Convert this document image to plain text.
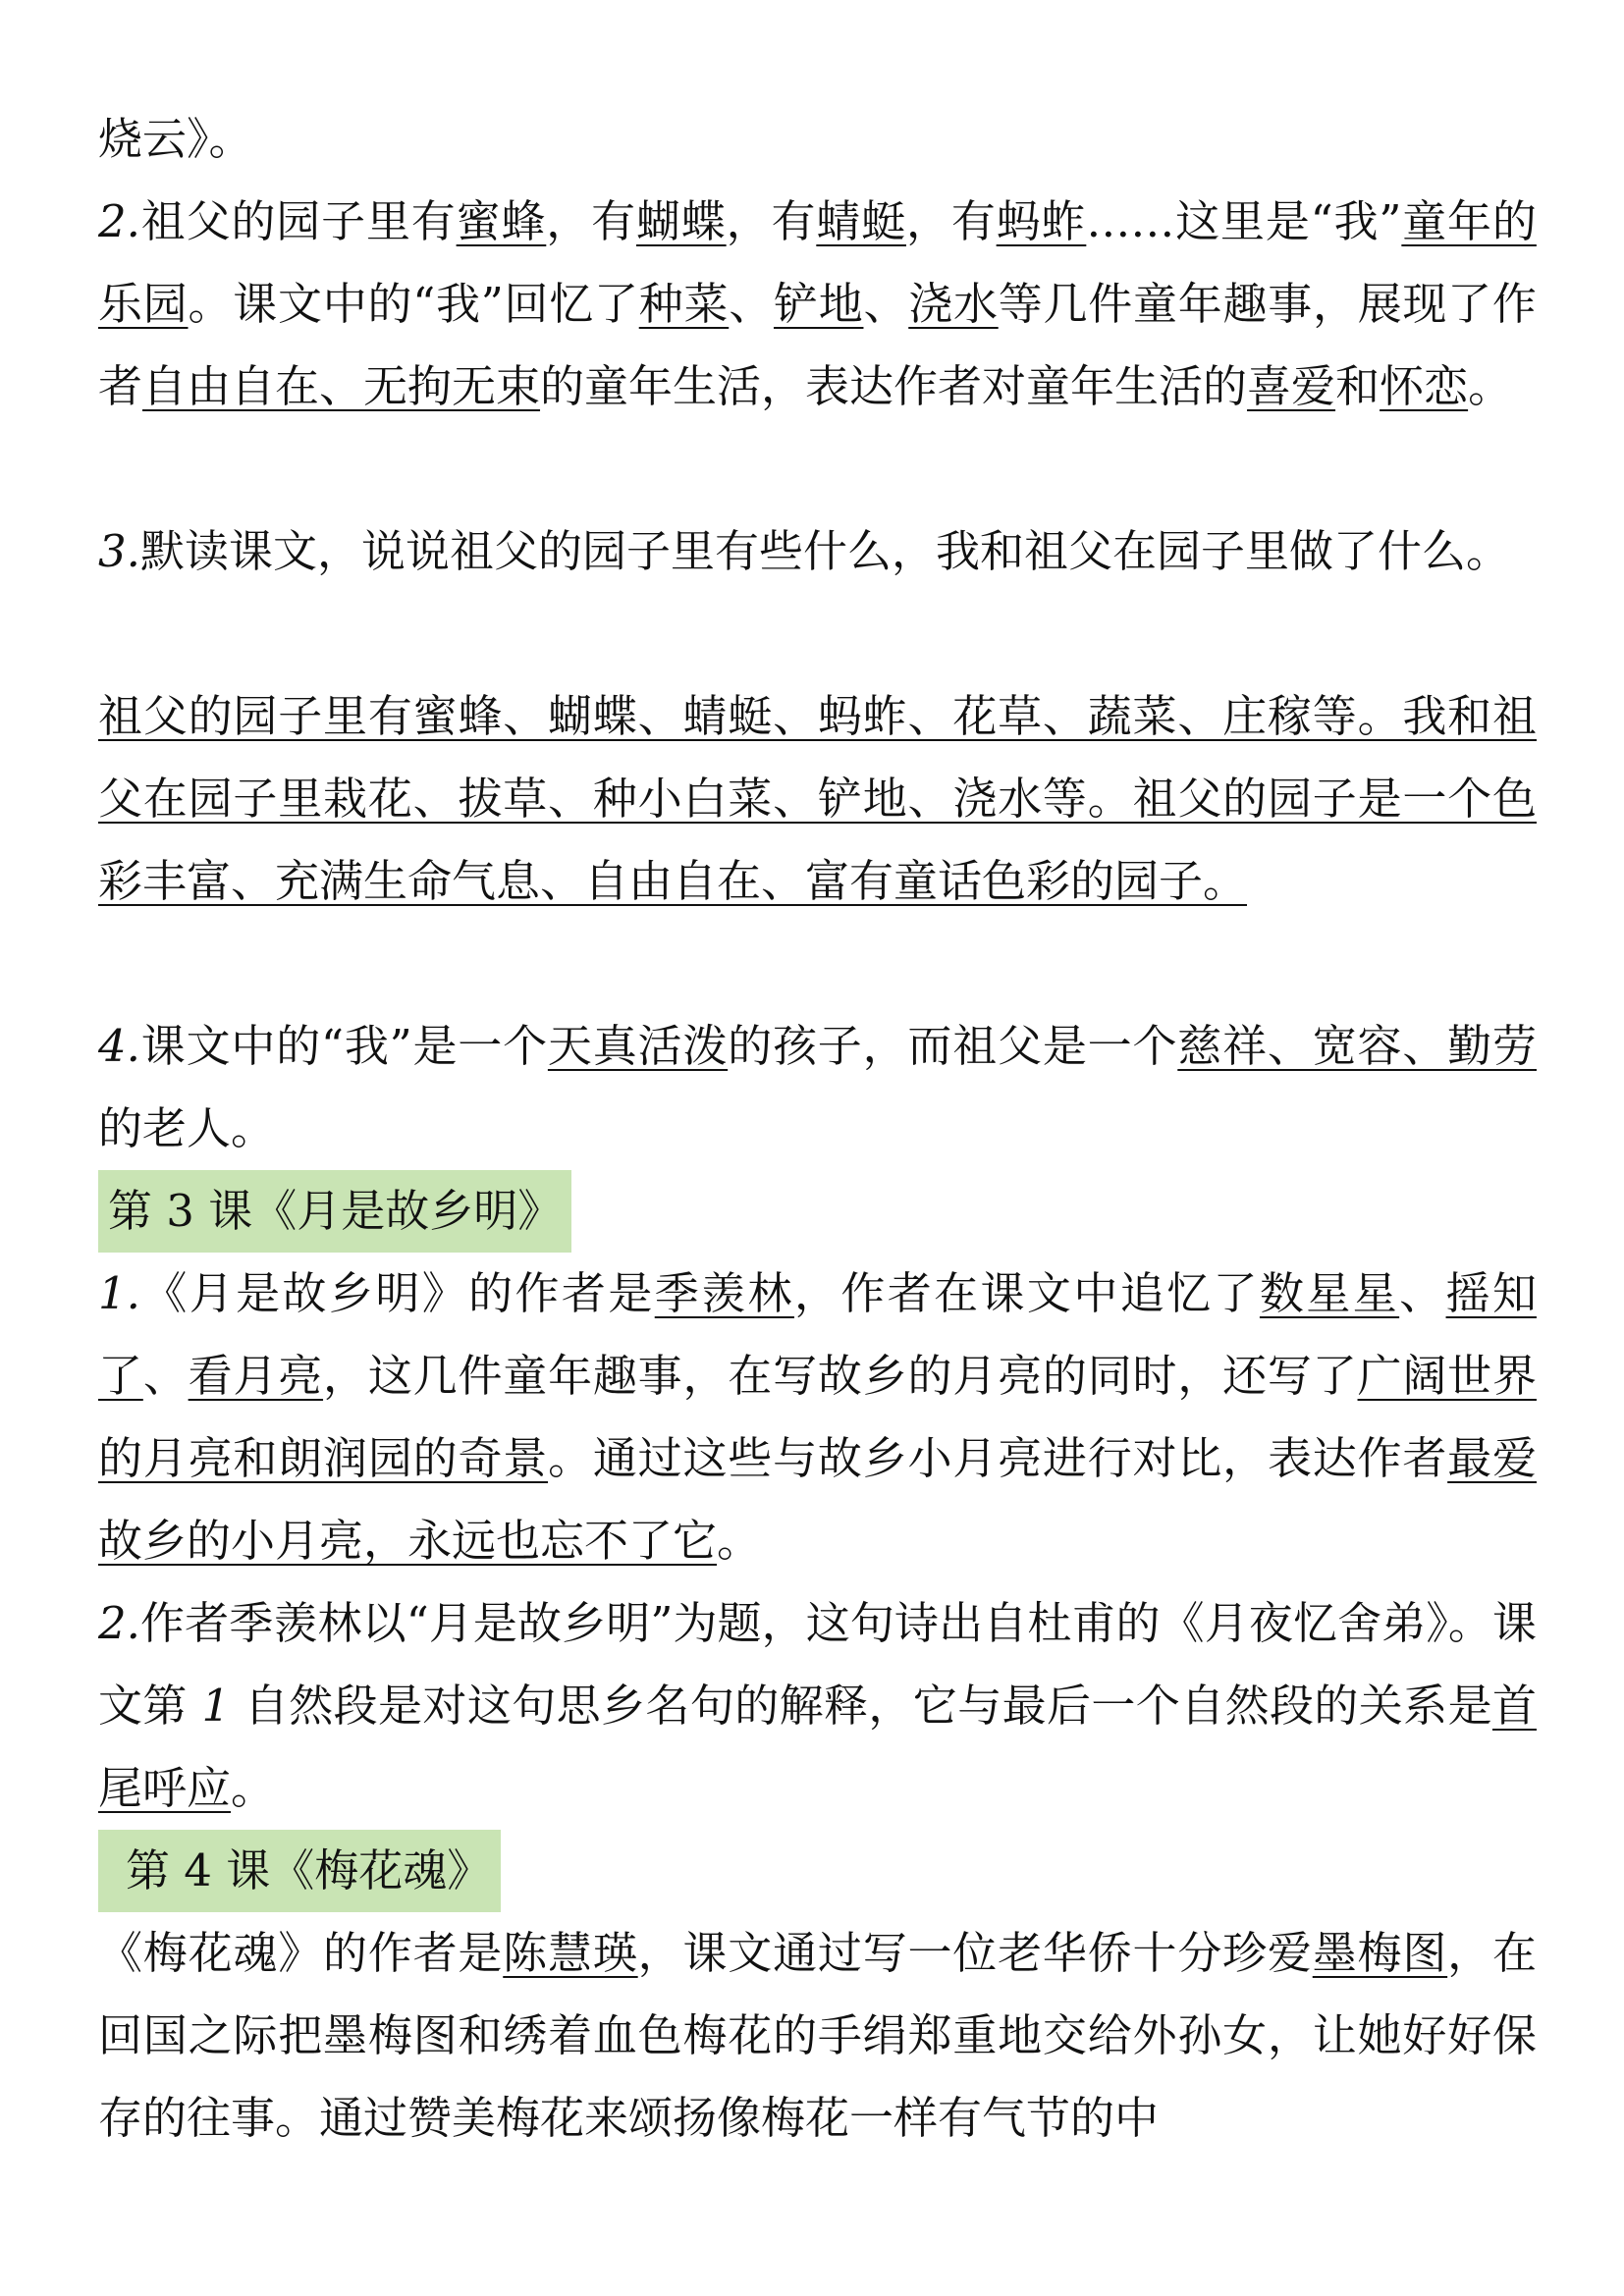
烧云》。

2.祖父的园子里有蜜蜂，有蝴蝶，有蜻蜓，有蚂蚱……这里是“我”童年的乐园。课文中的“我”回忆了种菜、铲地、浇水等几件童年趣事，展现了作者自由自在、无拘无束的童年生活，表达作者对童年生活的喜爱和怀恋。

3.默读课文，说说祖父的园子里有些什么，我和祖父在园子里做了什么。

祖父的园子里有蜜蜂、蝴蝶、蜻蜓、蚂蚱、花草、蔬菜、庄稼等。我和祖父在园子里栽花、拔草、种小白菜、铲地、浇水等。祖父的园子是一个色彩丰富、充满生命气息、自由自在、富有童话色彩的园子。

4.课文中的“我”是一个天真活泼的孩子，而祖父是一个慈祥、宽容、勤劳的老人。

第 3 课《月是故乡明》

1.《月是故乡明》的作者是季羡林，作者在课文中追忆了数星星、摇知了、看月亮，这几件童年趣事，在写故乡的月亮的同时，还写了广阔世界的月亮和朗润园的奇景。通过这些与故乡小月亮进行对比，表达作者最爱故乡的小月亮，永远也忘不了它。

2.作者季羡林以“月是故乡明”为题，这句诗出自杜甫的《月夜忆舍弟》。课文第 1 自然段是对这句思乡名句的解释，它与最后一个自然段的关系是首尾呼应。

第 4 课《梅花魂》

《梅花魂》的作者是陈慧瑛，课文通过写一位老华侨十分珍爱墨梅图，在回国之际把墨梅图和绣着血色梅花的手绢郑重地交给外孙女，让她好好保存的往事。通过赞美梅花来颂扬像梅花一样有气节的中
